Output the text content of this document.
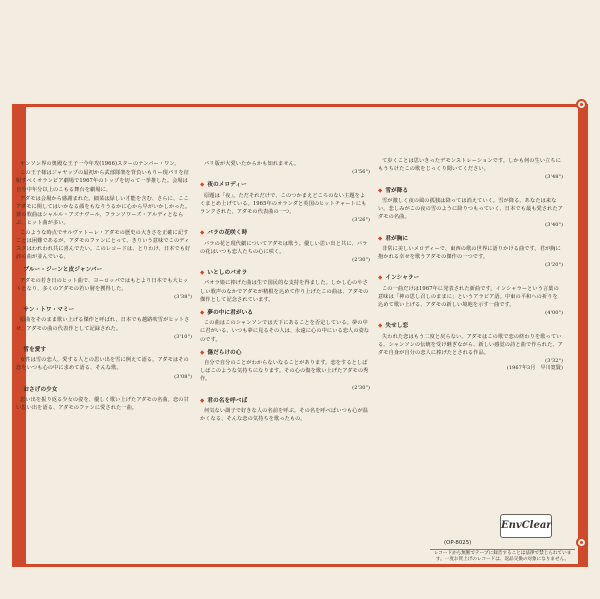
ヤンソン界の奥殿な王子一今年攻(1966)スターのナンバー・ワン。

この王子様はジャヤップの最初から武部隊楽を背負いもりー現パリを征服すべくオランピア劇場で1967年のトップを切って一挙推した。会場は自分中年分以上のこもる舞台を劇場に、

アダモは会場から感謝まれた。細菜は緑しい才能を含む、さらに、ここアダモに関してはいかなる顔をもなりうるかに心から早がいかしかった。彼の歌曲はシャルル・アズナヴール、フランソワーズ・アルディとならぶ、ヒット曲が多い。

このような時点でサルヴァトーレ・アダモの歴史の大きさを正確に記すことは困難であるが、アダモのファンにとって、きりいう意味でこのディスクはわれわれ共に喜んでたい。このレコードは、とりわけ、日本でも好評の曲が並んでいる。

◆ ブルー・ジーンと皮ジャンパー

アダモの若き日のヒット曲で、ヨーロッパではもとより日本でも大ヒットとなり、多くのアダモの若い層を獲得した。

(3'38")
◆ サン・トワ・マミー

原曲をそのまま歌い上げる傑作と呼ばれ、日本でも越路吹雪がヒットさせ、アダモの曲の代表作として記録された。

(3'10")
◆ 雪を愛す

女性は雪の恋人、愛する人との思い出を雪に例えて語る。アダモはその恋をいつも心の中に求めて語る、そんな歌。

(3'08")
◆ おさげの少女

思い出を振り返る少女の姿を、優しく歌い上げたアダモの名曲。恋の甘い思い出を語る、アダモのファンに愛された一曲。

パリ版が大愛いたからかも知れません。

(3'56")
◆ 夜のメロディー

原題は「夜」。ただそれだけで、このつかまえどころのない主題をよくまとめ上げている。1965年のオランダと英国のヒットチャートにもランクされた、アダモの代表曲の一つ。

(3'26")
◆ バラの花咲く時

バラの花と現代劇についてアダモは歌う。優しい思い出と共に、バラの花はいつも恋人たちの心に咲く。

(2'30")
◆ いとしのパオラ

パオラ姫に捧げた曲は生で国民的な支持を得ました。しかし心のやさしい歌声のなかでアダモが精根を込めて作り上げたこの曲は、アダモの傑作として記念されています。

◆ 夢の中に君がいる

この曲はこのシャンソンでは天下にあることを否定している。夢の中に君がいる、いつも夢に見るその人は、永遠に心の中にいる恋人の姿なのです。

◆ 傷だらけの心

自分で自分のことがわからないなることがあります。恋をするとしばしばこのような気持ちになります。その心の傷を歌い上げたアダモの秀作。

(2'30")
◆ 君の名を呼べば

何気ない調子で好きな人の名前を呼ぶ。その名を呼べばいつも心が温かくなる、そんな恋の気持ちを歌ったもの。

て歩くことは思いきったデモンストレーションです。しかも何の生い立ちにもうちけたこの歌をじっくり聞いてください。

(3'48")
◆ 雪が降る

雪が激しく夜の風の孤独は降っては消えていく。雪が降る、あなたは来ない。悲しみがこの夜の雪のように降りつもっていく、日本でも最も愛されたアダモの名曲。

(3'40")
◆ 君が胸に

非常に美しいメロディーで、東西の歌の世界に語りかける曲です。君が胸に抱かれる幸せを歌うアダモの傑作の一つです。

(3'20")
◆ インシャラー

この一曲だけは1967年に発表された新曲です。インシャラーという言葉の意味は「神の思し召しのままに」というアラビア語。中東の平和への祈りを込めて歌い上げる、アダモの新しい境地を示す一曲です。

(4'00")
◆ 失せし恋

失われた恋はもう二度と戻らない。アダモはこの歌で恋の終わりを歌っている。シャンソンの伝統を受け継ぎながら、新しい感覚の詩と曲で作られた、アダモ自身が自分の恋人に捧げたとされる作品。

(3'32")
(1967年3月　早川寛賢)
EnvClear
(OP-8025)
レコードから無断でテープに録音することは法律で禁じられています。一度お買上げのレコードは、返品交換の対象になりません。
